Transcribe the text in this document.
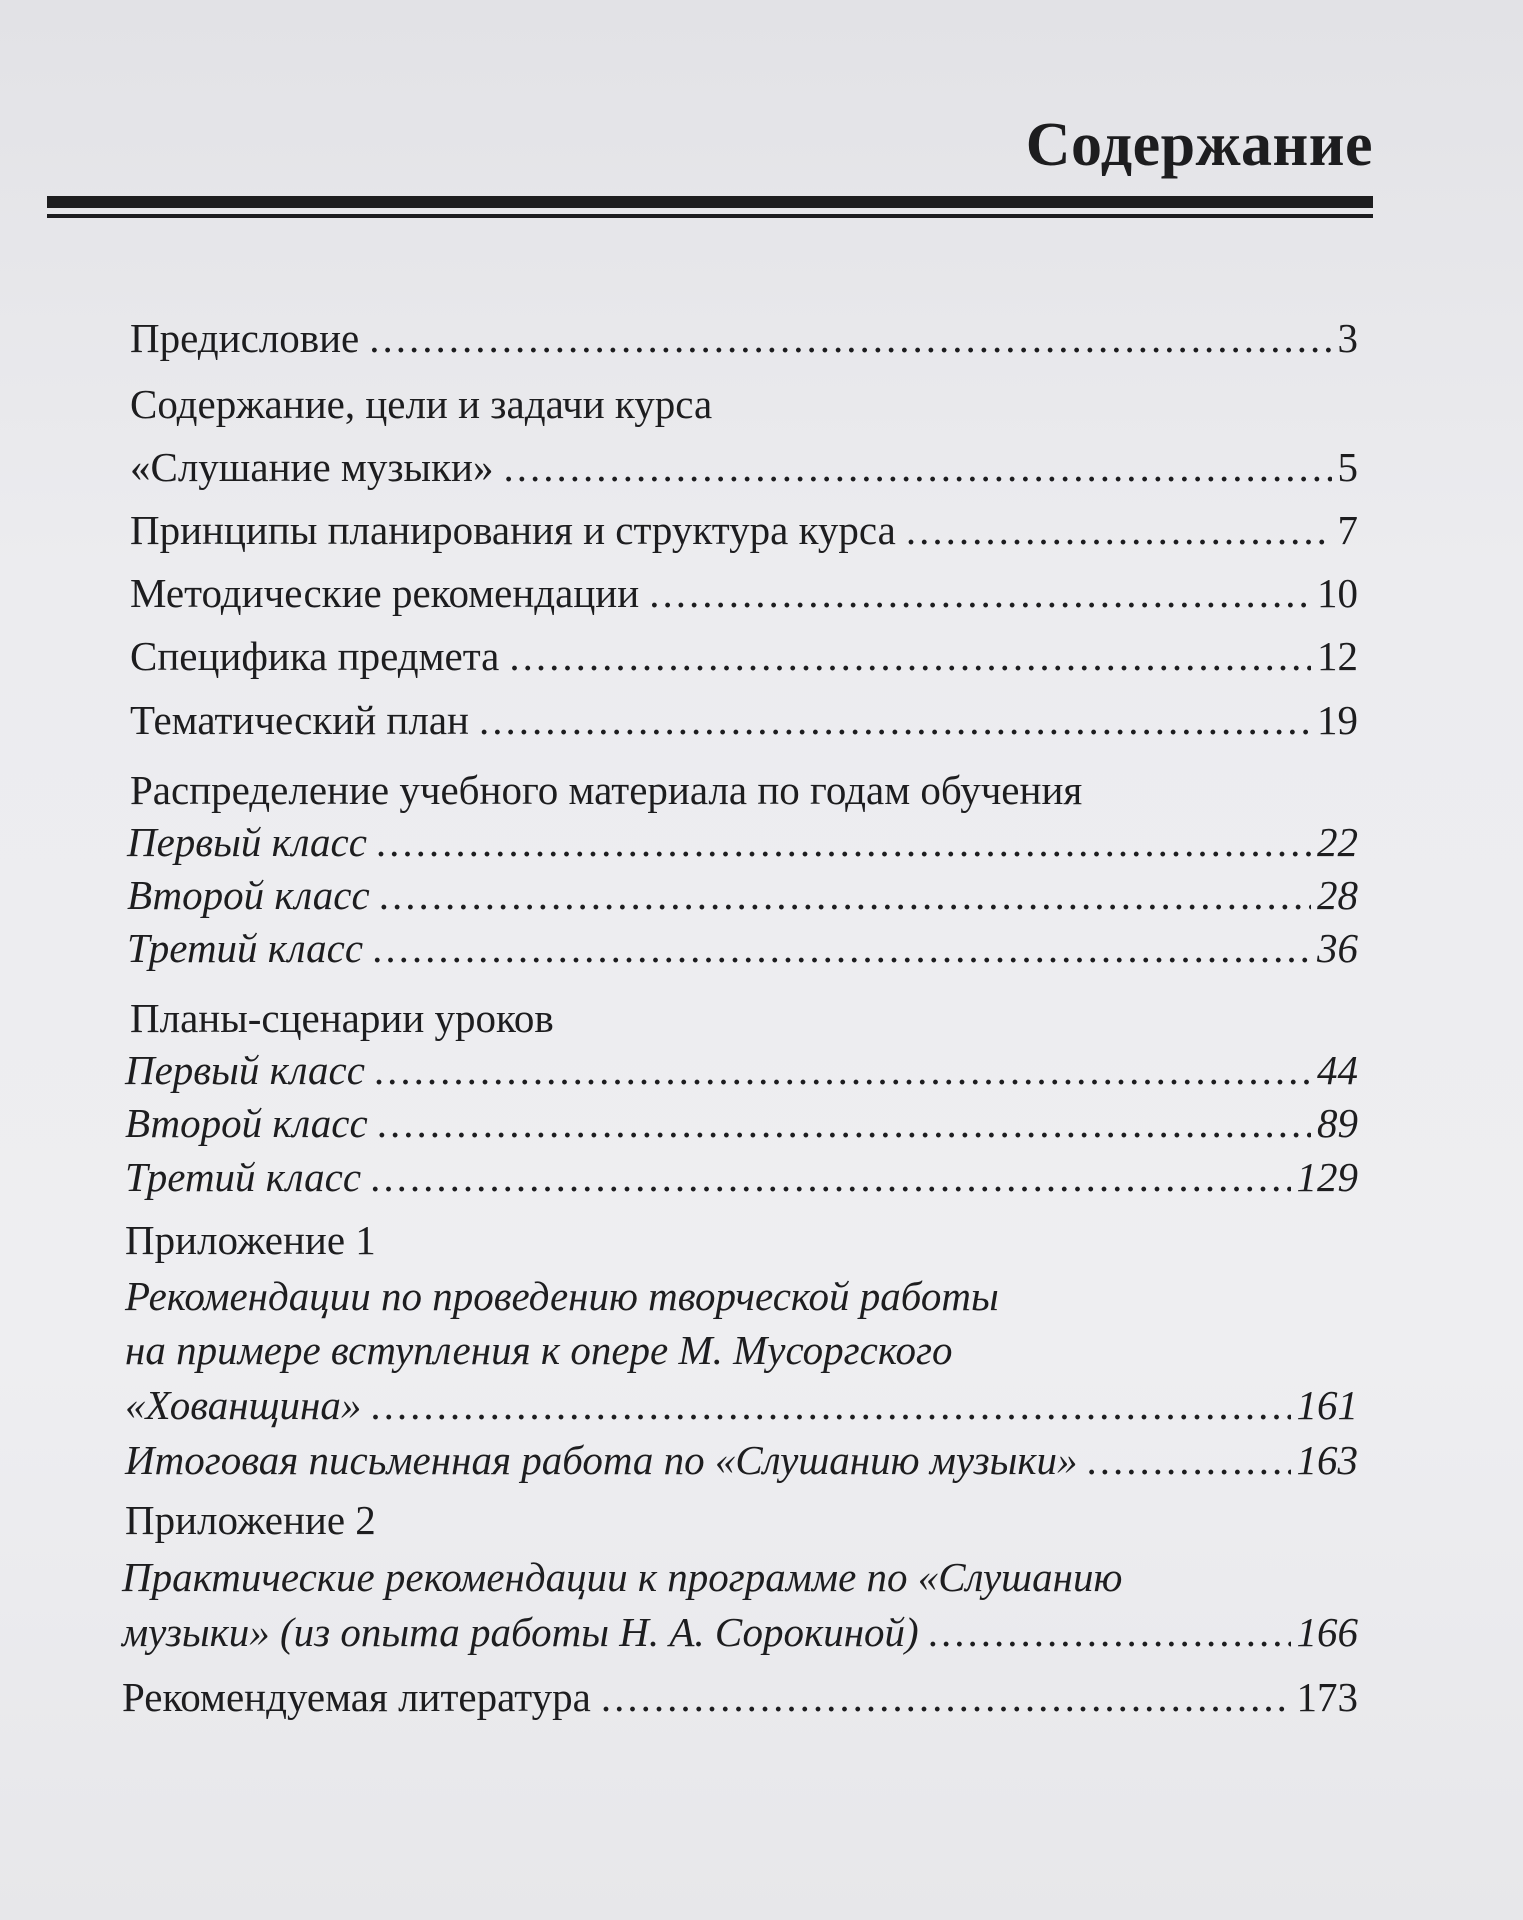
Содержание
Предисловие .....	3
Содержание, цели и задачи курса
«Слушание музыки» .....	5
Принципы планирования и структура курса .....	7
Методические рекомендации .....	10
Специфика предмета .....	12
Тематический план .....	19
Распределение учебного материала по годам обучения
Первый класс .....	22
Второй класс .....	28
Третий класс .....	36
Планы-сценарии уроков
Первый класс .....	44
Второй класс .....	89
Третий класс .....	129
Приложение 1
Рекомендации по проведению творческой работы
на примере вступления к опере М. Мусоргского
«Хованщина» .....	161
Итоговая письменная работа по «Слушанию музыки» .....	163
Приложение 2
Практические рекомендации к программе по «Слушанию
музыки» (из опыта работы Н. А. Сорокиной) .....	166
Рекомендуемая литература .....	173
